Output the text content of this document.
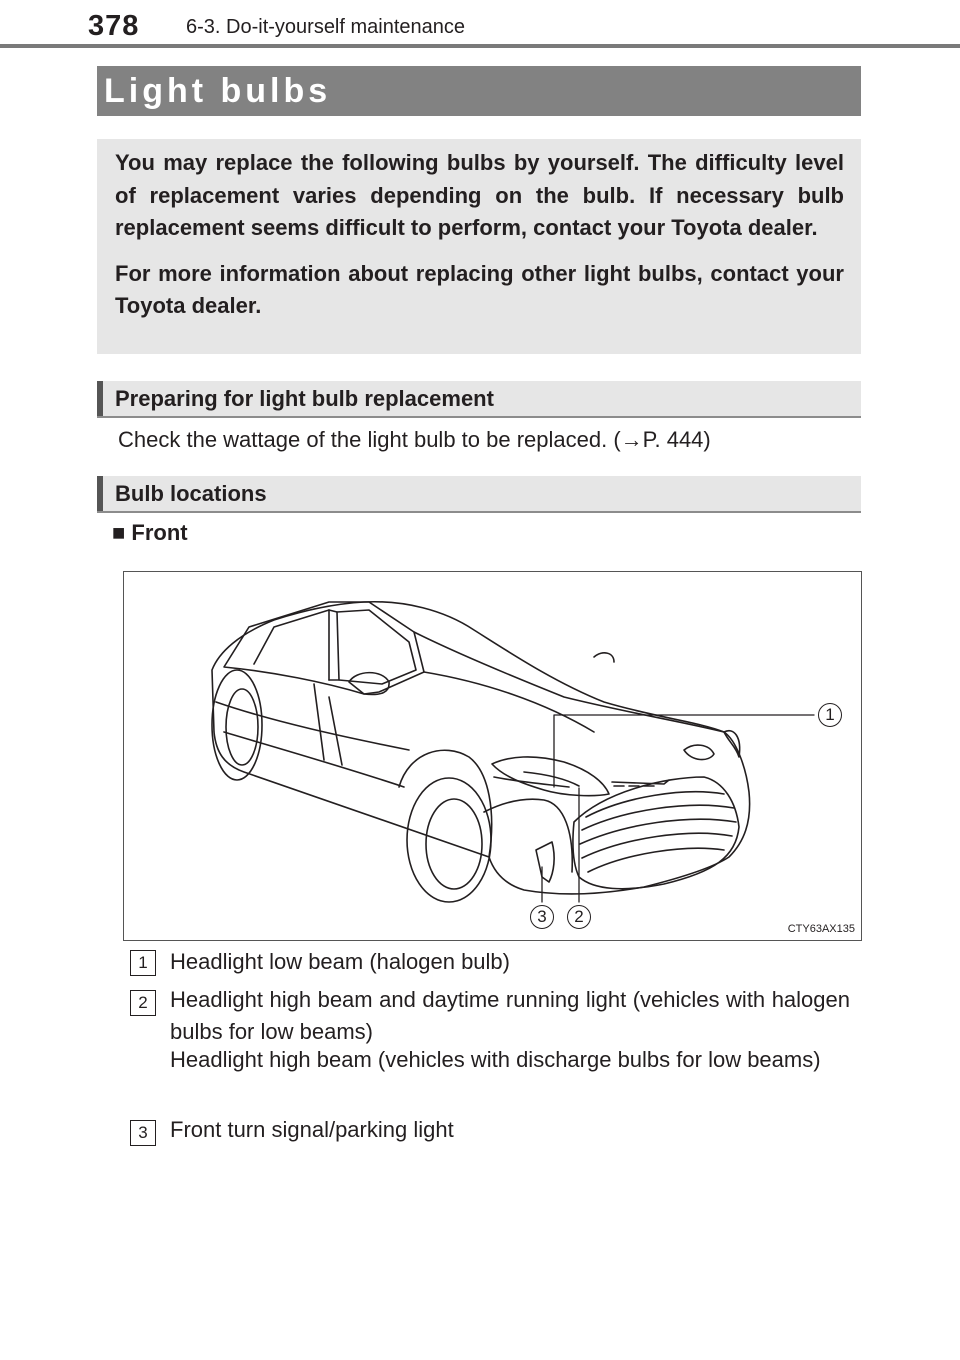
378 6-3. Do-it-yourself maintenance
Light bulbs

You may replace the following bulbs by yourself. The difficulty level of replacement varies depending on the bulb. If necessary bulb replacement seems difficult to perform, contact your Toyota dealer.

For more information about replacing other light bulbs, contact your Toyota dealer.

Preparing for light bulb replacement
Check the wattage of the light bulb to be replaced. (→P. 444)
Bulb locations
■ Front
1
2
3
CTY63AX135
1	Headlight low beam (halogen bulb)
2	Headlight high beam and daytime running light (vehicles with halogen bulbs for low beams)
Headlight high beam (vehicles with discharge bulbs for low beams)
3	Front turn signal/parking light
